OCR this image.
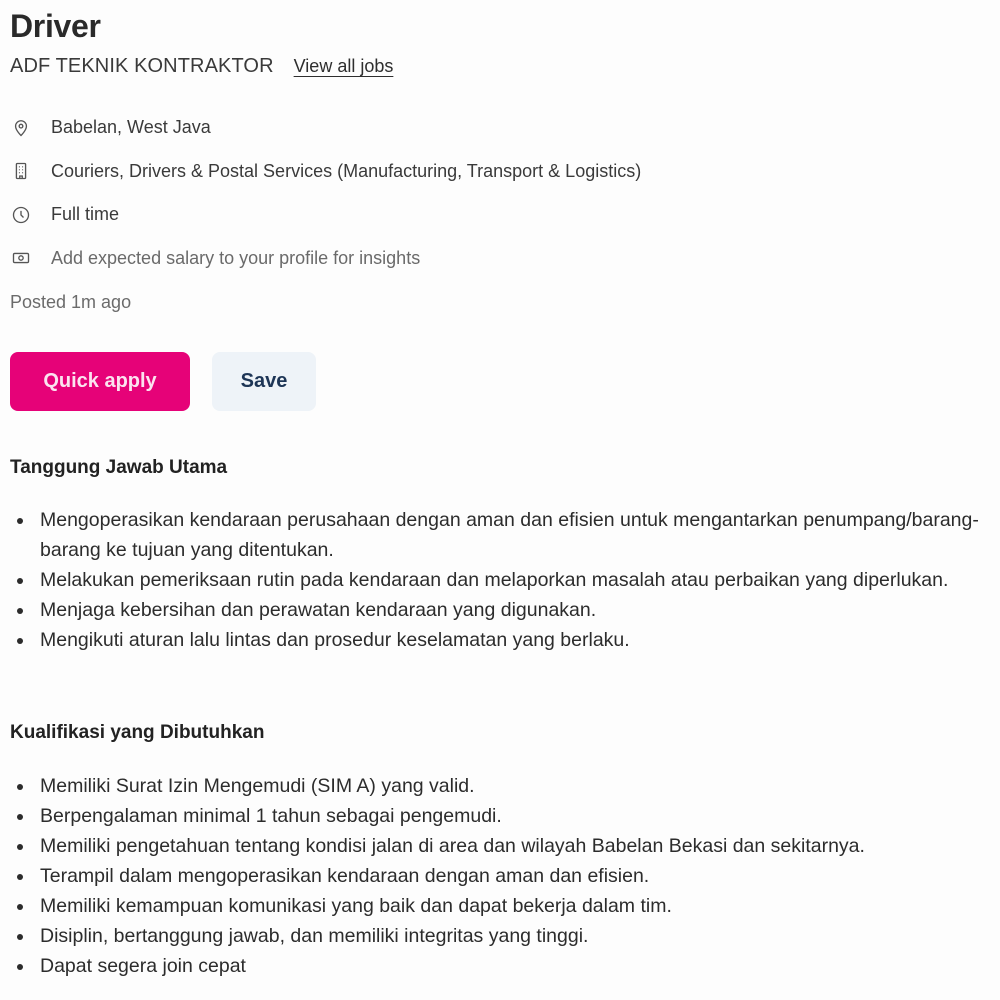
Driver
ADF TEKNIK KONTRAKTOR View all jobs
Babelan, West Java
Couriers, Drivers & Postal Services (Manufacturing, Transport & Logistics)
Full time
Add expected salary to your profile for insights
Posted 1m ago
Quick apply	Save
Tanggung Jawab Utama
Mengoperasikan kendaraan perusahaan dengan aman dan efisien untuk mengantarkan penumpang/barang-barang ke tujuan yang ditentukan.
Melakukan pemeriksaan rutin pada kendaraan dan melaporkan masalah atau perbaikan yang diperlukan.
Menjaga kebersihan dan perawatan kendaraan yang digunakan.
Mengikuti aturan lalu lintas dan prosedur keselamatan yang berlaku.
Kualifikasi yang Dibutuhkan
Memiliki Surat Izin Mengemudi (SIM A) yang valid.
Berpengalaman minimal 1 tahun sebagai pengemudi.
Memiliki pengetahuan tentang kondisi jalan di area dan wilayah Babelan Bekasi dan sekitarnya.
Terampil dalam mengoperasikan kendaraan dengan aman dan efisien.
Memiliki kemampuan komunikasi yang baik dan dapat bekerja dalam tim.
Disiplin, bertanggung jawab, dan memiliki integritas yang tinggi.
Dapat segera join cepat
